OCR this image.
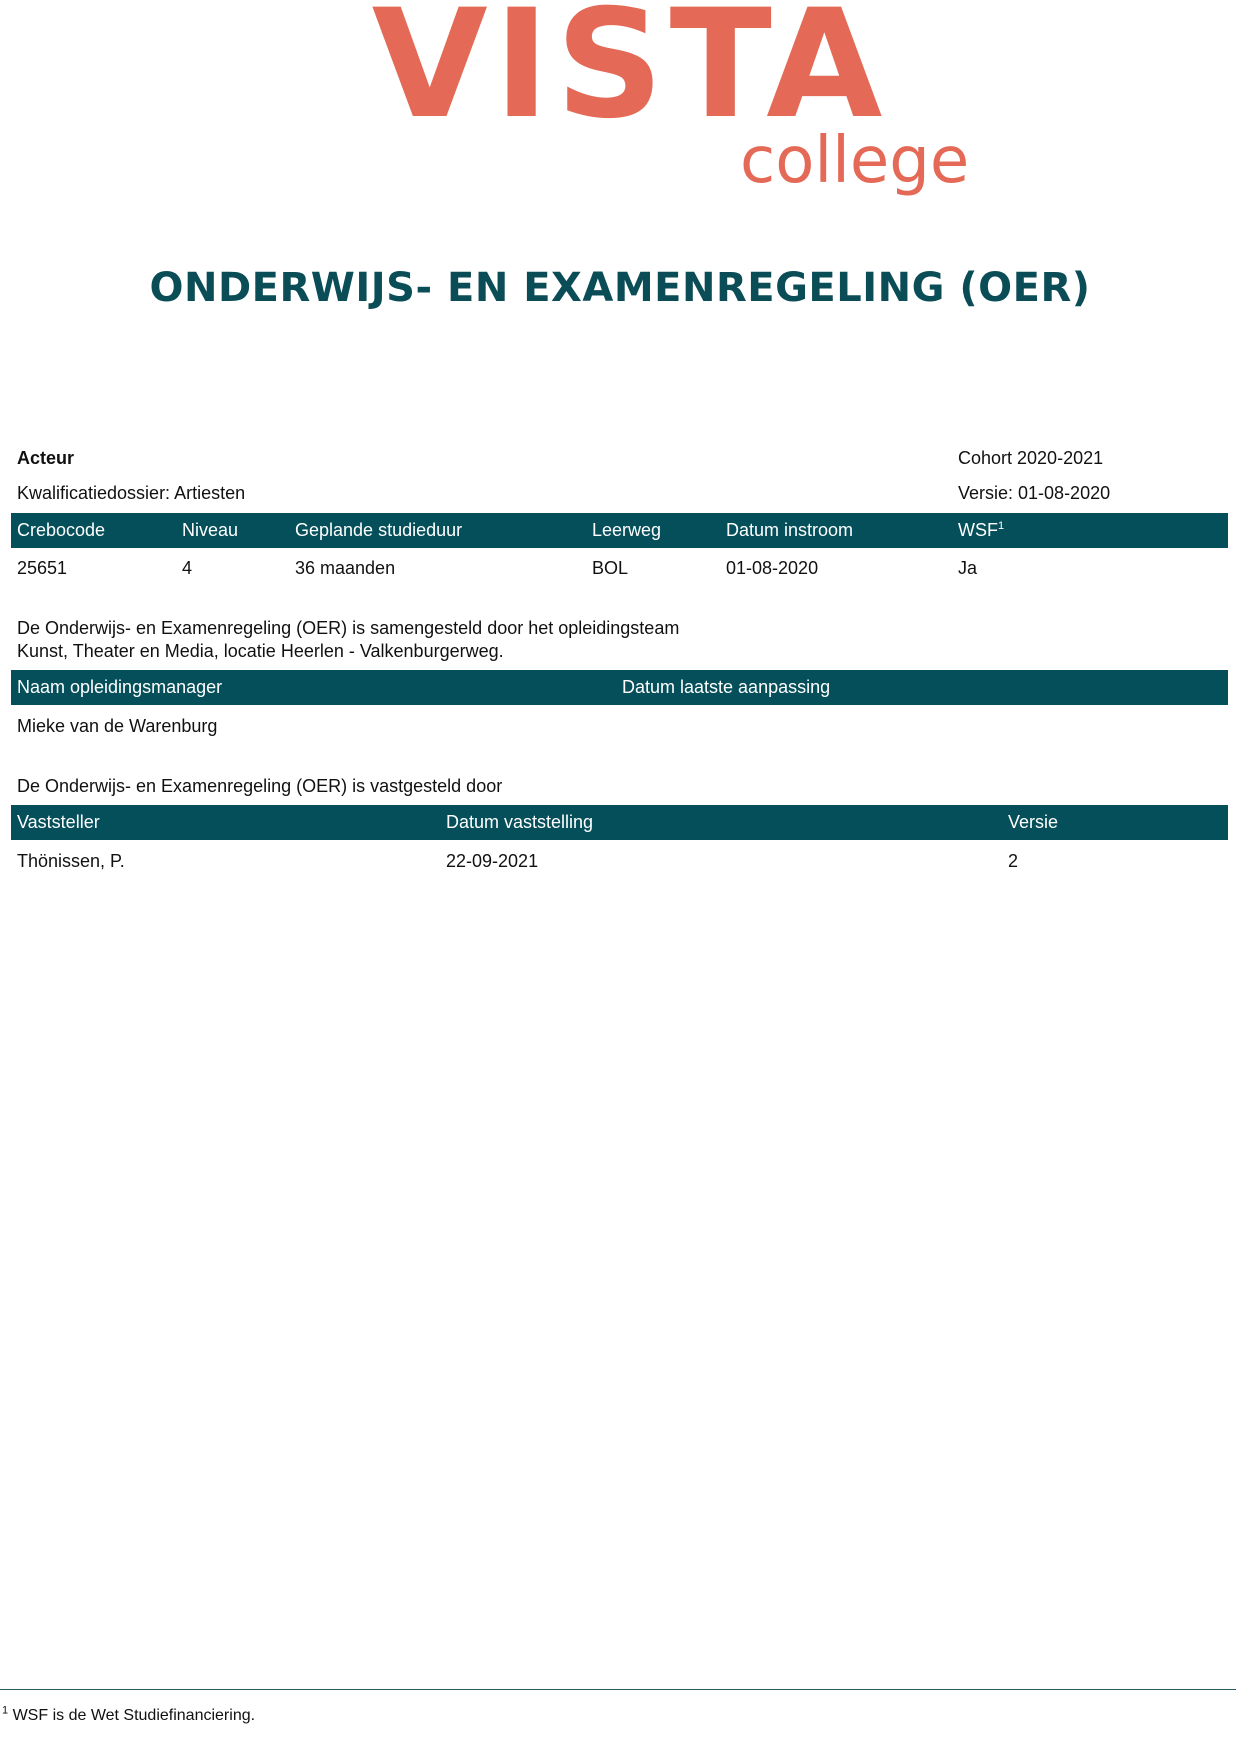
VISTA
college
ONDERWIJS- EN EXAMENREGELING (OER)
Acteur	Cohort 2020-2021
Kwalificatiedossier: Artiesten	Versie: 01-08-2020
Crebocode	Niveau	Geplande studieduur	Leerweg	Datum instroom	WSF$^1$
25651	4	36 maanden	BOL	01-08-2020	Ja
De Onderwijs- en Examenregeling (OER) is samengesteld door het opleidingsteam
Kunst, Theater en Media, locatie Heerlen - Valkenburgerweg.
Naam opleidingsmanager	Datum laatste aanpassing
Mieke van de Warenburg
De Onderwijs- en Examenregeling (OER) is vastgesteld door
Vaststeller	Datum vaststelling	Versie
Thönissen, P.	22-09-2021	2
$^1$ WSF is de Wet Studiefinanciering.
